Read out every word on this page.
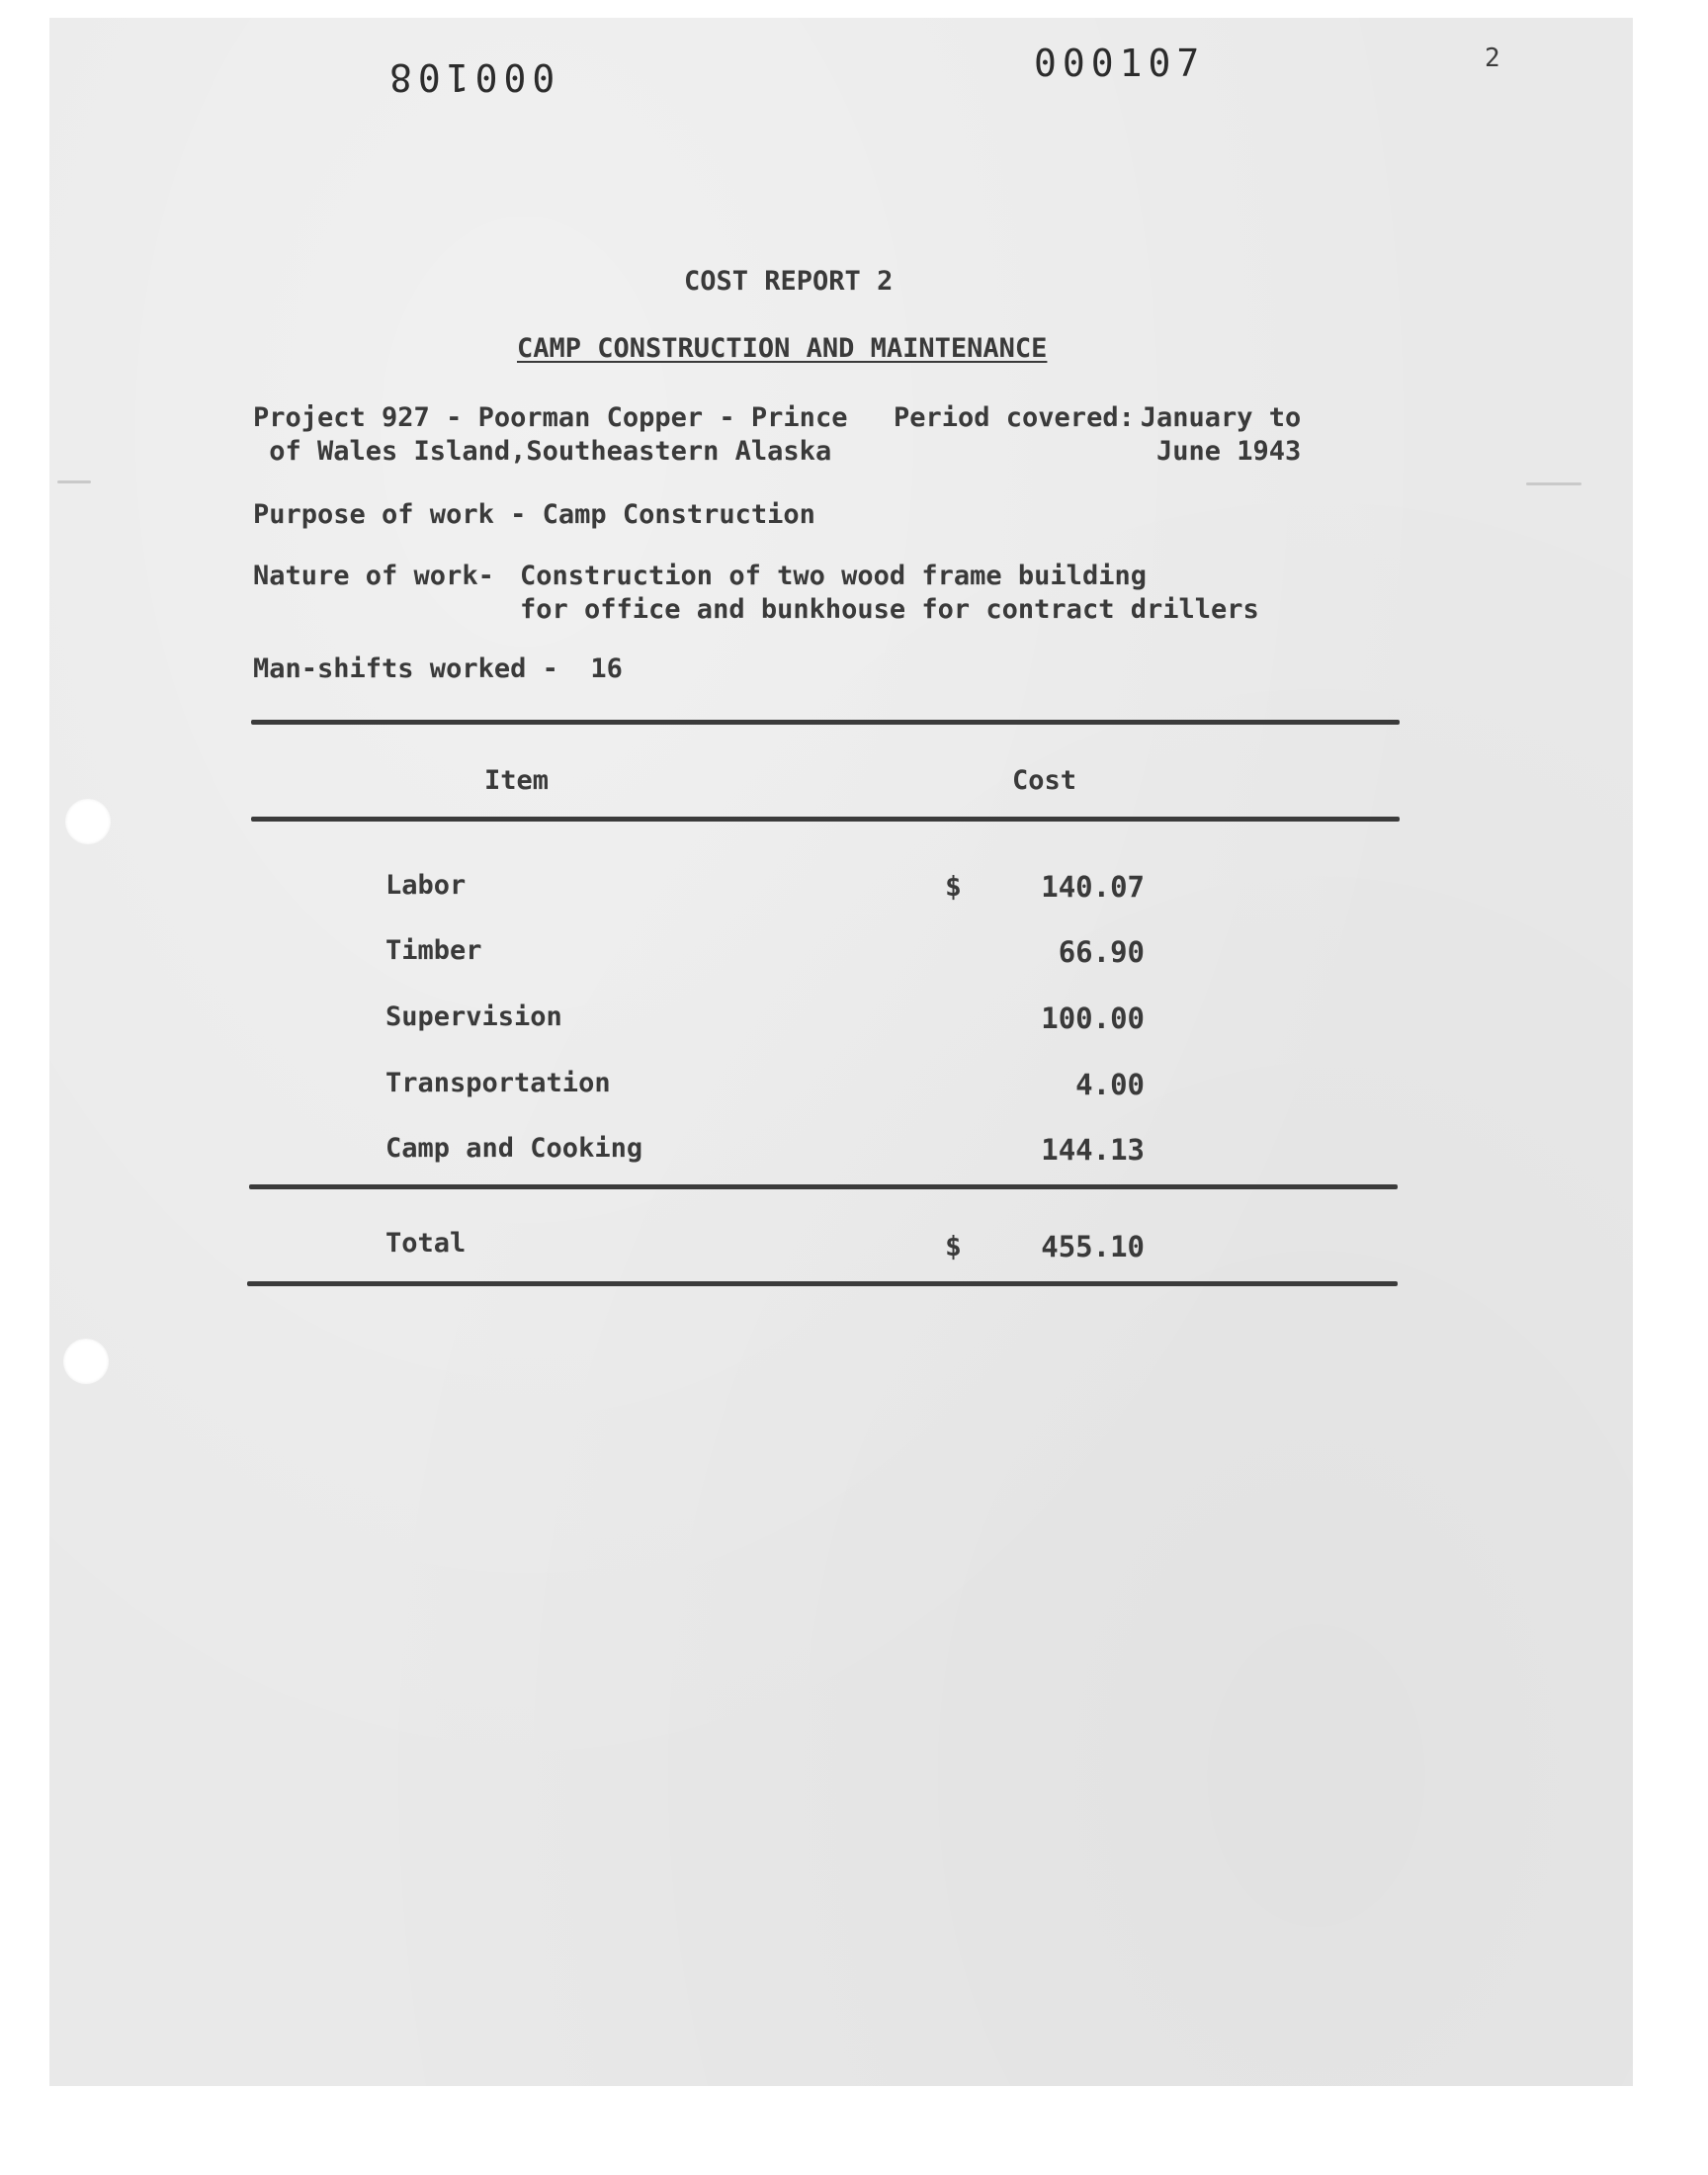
000108	000107	2
COST REPORT 2
CAMP CONSTRUCTION AND MAINTENANCE
Project 927 - Poorman Copper - Prince
of Wales Island,Southeastern Alaska
Period covered: January to
June 1943
Purpose of work - Camp Construction
Nature of work- Construction of two wood frame building
for office and bunkhouse for contract drillers
Man-shifts worked -  16
Item	Cost
Labor	$	140.07
Timber	66.90
Supervision	100.00
Transportation	4.00
Camp and Cooking	144.13
Total	$	455.10
